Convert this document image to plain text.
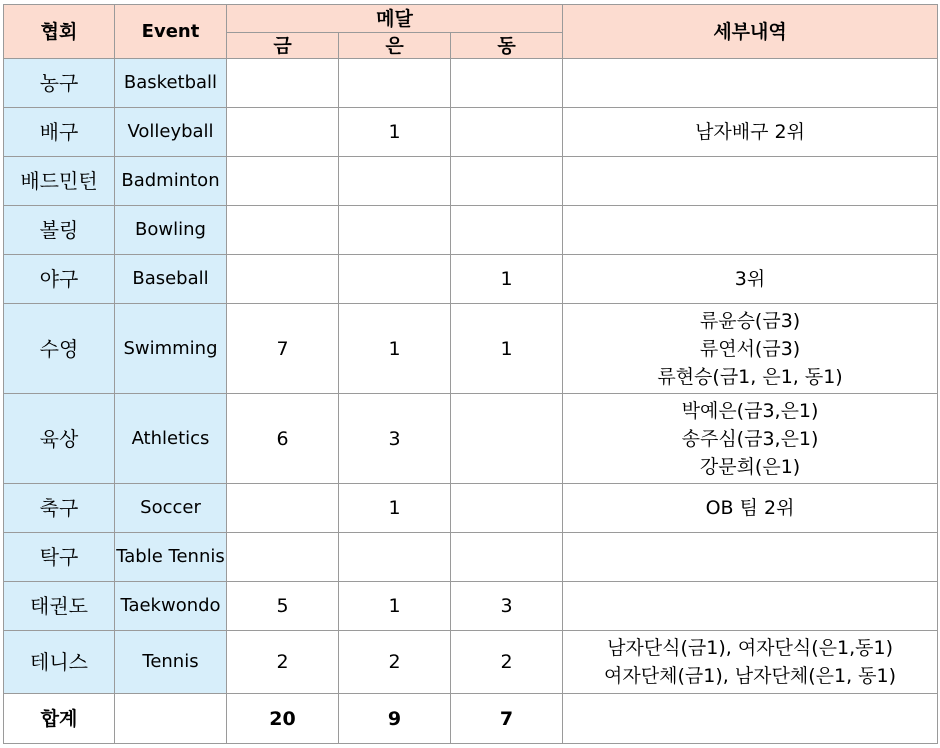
협회	Event	메달			세부내역
		금	은	동	
농구	Basketball				
배구	Volleyball		1		남자배구 2위

배드민턴	Badminton				
볼링	Bowling				
야구	Baseball			1	3위

수영	Swimming	7	1	1	류윤승(금3)
류연서(금3)
류현승(금1, 은1, 동1)

육상	Athletics	6	3		박예은(금3,은1)
송주심(금3,은1)
강문희(은1)

축구	Soccer		1		OB 팀 2위

탁구	Table Tennis				
태권도	Taekwondo	5	1	3	
테니스	Tennis	2	2	2	남자단식(금1), 여자단식(은1,동1)
여자단체(금1), 남자단체(은1, 동1)

합계		20	9	7	
